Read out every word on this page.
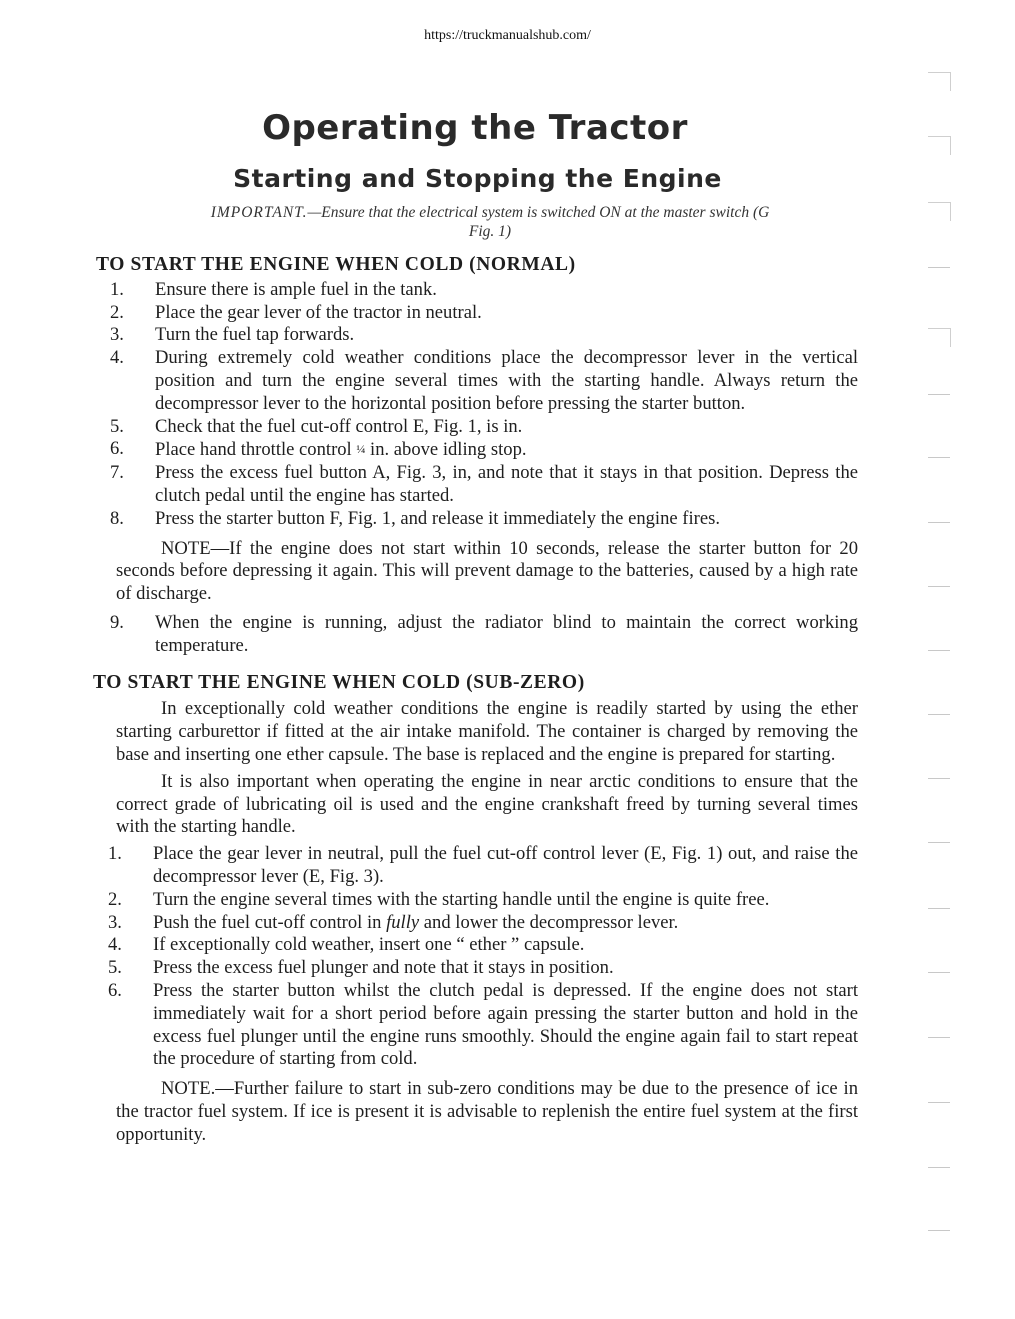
https://truckmanualshub.com/
Operating the Tractor
Starting and Stopping the Engine
IMPORTANT.—Ensure that the electrical system is switched ON at the master switch (G Fig. 1)
TO START THE ENGINE WHEN COLD (NORMAL)
1.	Ensure there is ample fuel in the tank.
2.	Place the gear lever of the tractor in neutral.
3.	Turn the fuel tap forwards.
4.	During extremely cold weather conditions place the decompressor lever in the vertical position and turn the engine several times with the starting handle. Always return the decompressor lever to the horizontal position before pressing the starter button.
5.	Check that the fuel cut-off control E, Fig. 1, is in.
6.	Place hand throttle control ¼ in. above idling stop.
7.	Press the excess fuel button A, Fig. 3, in, and note that it stays in that position. Depress the clutch pedal until the engine has started.
8.	Press the starter button F, Fig. 1, and release it immediately the engine fires.
NOTE—If the engine does not start within 10 seconds, release the starter button for 20 seconds before depressing it again. This will prevent damage to the batteries, caused by a high rate of discharge.
9.	When the engine is running, adjust the radiator blind to maintain the correct working temperature.
TO START THE ENGINE WHEN COLD (SUB-ZERO)
In exceptionally cold weather conditions the engine is readily started by using the ether starting carburettor if fitted at the air intake manifold. The container is charged by removing the base and inserting one ether capsule. The base is replaced and the engine is prepared for starting.
It is also important when operating the engine in near arctic conditions to ensure that the correct grade of lubricating oil is used and the engine crankshaft freed by turning several times with the starting handle.
1.	Place the gear lever in neutral, pull the fuel cut-off control lever (E, Fig. 1) out, and raise the decompressor lever (E, Fig. 3).
2.	Turn the engine several times with the starting handle until the engine is quite free.
3.	Push the fuel cut-off control in fully and lower the decompressor lever.
4.	If exceptionally cold weather, insert one “ ether ” capsule.
5.	Press the excess fuel plunger and note that it stays in position.
6.	Press the starter button whilst the clutch pedal is depressed. If the engine does not start immediately wait for a short period before again pressing the starter button and hold in the excess fuel plunger until the engine runs smoothly. Should the engine again fail to start repeat the procedure of starting from cold.
NOTE.—Further failure to start in sub-zero conditions may be due to the presence of ice in the tractor fuel system. If ice is present it is advisable to replenish the entire fuel system at the first opportunity.
